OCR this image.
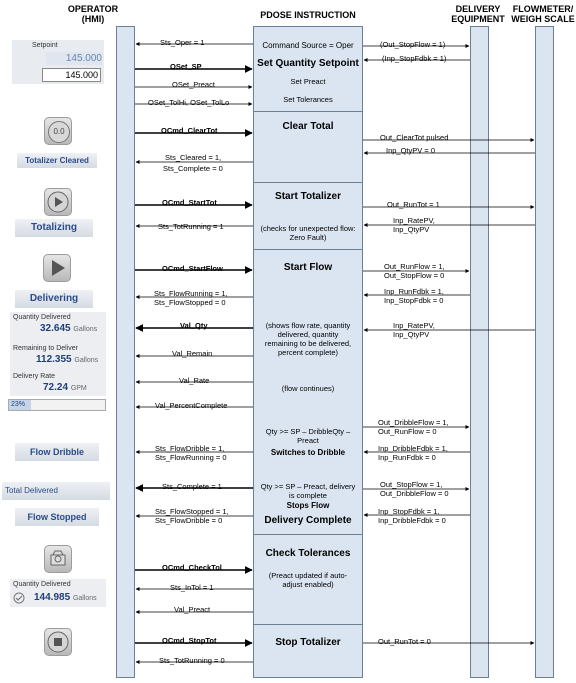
OPERATOR (HMI)	PDOSE INSTRUCTION
DELIVERY EQUIPMENT
FLOWMETER/ WEIGH SCALE
Command Source = Oper
Set Quantity Setpoint
Set Preact
Set Tolerances
Clear Total
Start Totalizer
(checks for unexpected flow: Zero Fault)
Start Flow
(shows flow rate, quantity delivered, quantity remaining to be delivered, percent complete)
(flow continues)
Qty >= SP – DribbleQty – Preact
Switches to Dribble
Qty >= SP – Preact, delivery is complete
Stops Flow
Delivery Complete
Check Tolerances
(Preact updated if auto-adjust enabled)
Stop Totalizer
Sts_Oper = 1
OSet_SP
OSet_Preact
OSet_TolHi, OSet_TolLo
OCmd_ClearTot
Sts_Cleared = 1,
Sts_Complete = 0
OCmd_StartTot
Sts_TotRunning = 1
OCmd_StartFlow
Sts_FlowRunning = 1,
Sts_FlowStopped = 0
Val_Qty
Val_Remain
Val_Rate
Val_PercentComplete
Sts_FlowDribble = 1,
Sts_FlowRunning = 0
Sts_Complete = 1
Sts_FlowStopped = 1,
Sts_FlowDribble = 0
OCmd_CheckTol
Sts_InTol = 1
Val_Preact
OCmd_StopTot
Sts_TotRunning = 0
(Out_StopFlow = 1)
(Inp_StopFdbk = 1)
Out_ClearTot pulsed
Inp_QtyPV = 0
Out_RunTot = 1
Inp_RatePV,
Inp_QtyPV
Out_RunFlow = 1,
Out_StopFlow = 0
Inp_RunFdbk = 1,
Inp_StopFdbk = 0
Inp_RatePV,
Inp_QtyPV
Out_DribbleFlow = 1,
Out_RunFlow = 0
Inp_DribbleFdbk = 1,
Inp_RunFdbk = 0
Out_StopFlow = 1,
Out_DribbleFlow = 0
Inp_StopFdbk = 1,
Inp_DribbleFdbk = 0
Out_RunTot = 0
Setpoint
145.000
145.000
0.0
Totalizer Cleared
Totalizing
Delivering
Quantity Delivered
32.645 Gallons
Remaining to Deliver
112.355 Gallons
Delivery Rate
72.24 GPM
23%
Flow Dribble
Total Delivered
Flow Stopped
Quantity Delivered
144.985 Gallons
